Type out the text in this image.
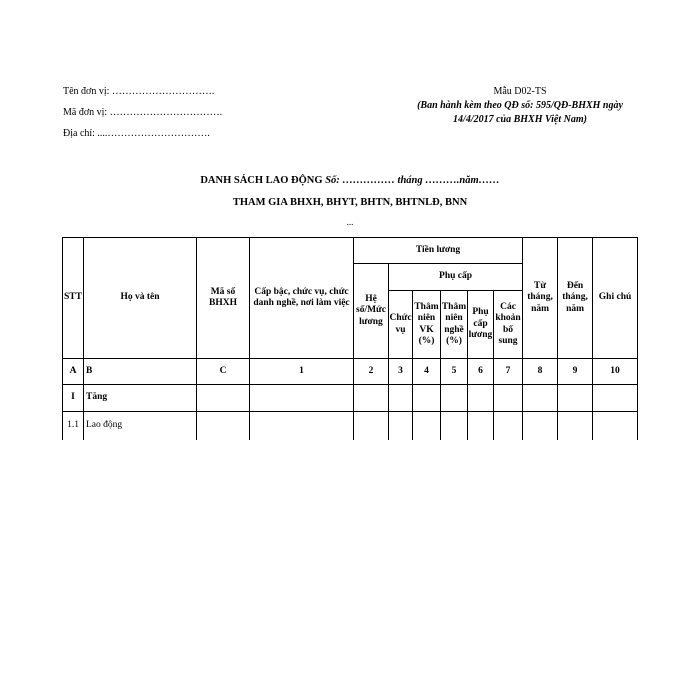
Tên đơn vị: ………………………….
Mã đơn vị: …………………………….
Địa chỉ: ....………………………….
Mẫu D02-TS
(Ban hành kèm theo QĐ số: 595/QĐ-BHXH ngày
14/4/2017 của BHXH Việt Nam)
DANH SÁCH LAO ĐỘNG Số: …………… tháng ……….năm……
THAM GIA BHXH, BHYT, BHTN, BHTNLĐ, BNN
...
STT	Họ và tên	Mã số BHXH	Cấp bậc, chức vụ, chức danh nghề, nơi làm việc	Tiền lương						Từ tháng, năm	Đến tháng, năm	Ghi chú
				Hệ số/Mức lương	Phụ cấp							
					Chức vụ	Thâm niên VK (%)	Thâm niên nghề (%)	Phụ cấp lương	Các khoản bổ sung			
A	B	C	1	2	3	4	5	6	7	8	9	10
I	Tăng											
1.1	Lao động											
